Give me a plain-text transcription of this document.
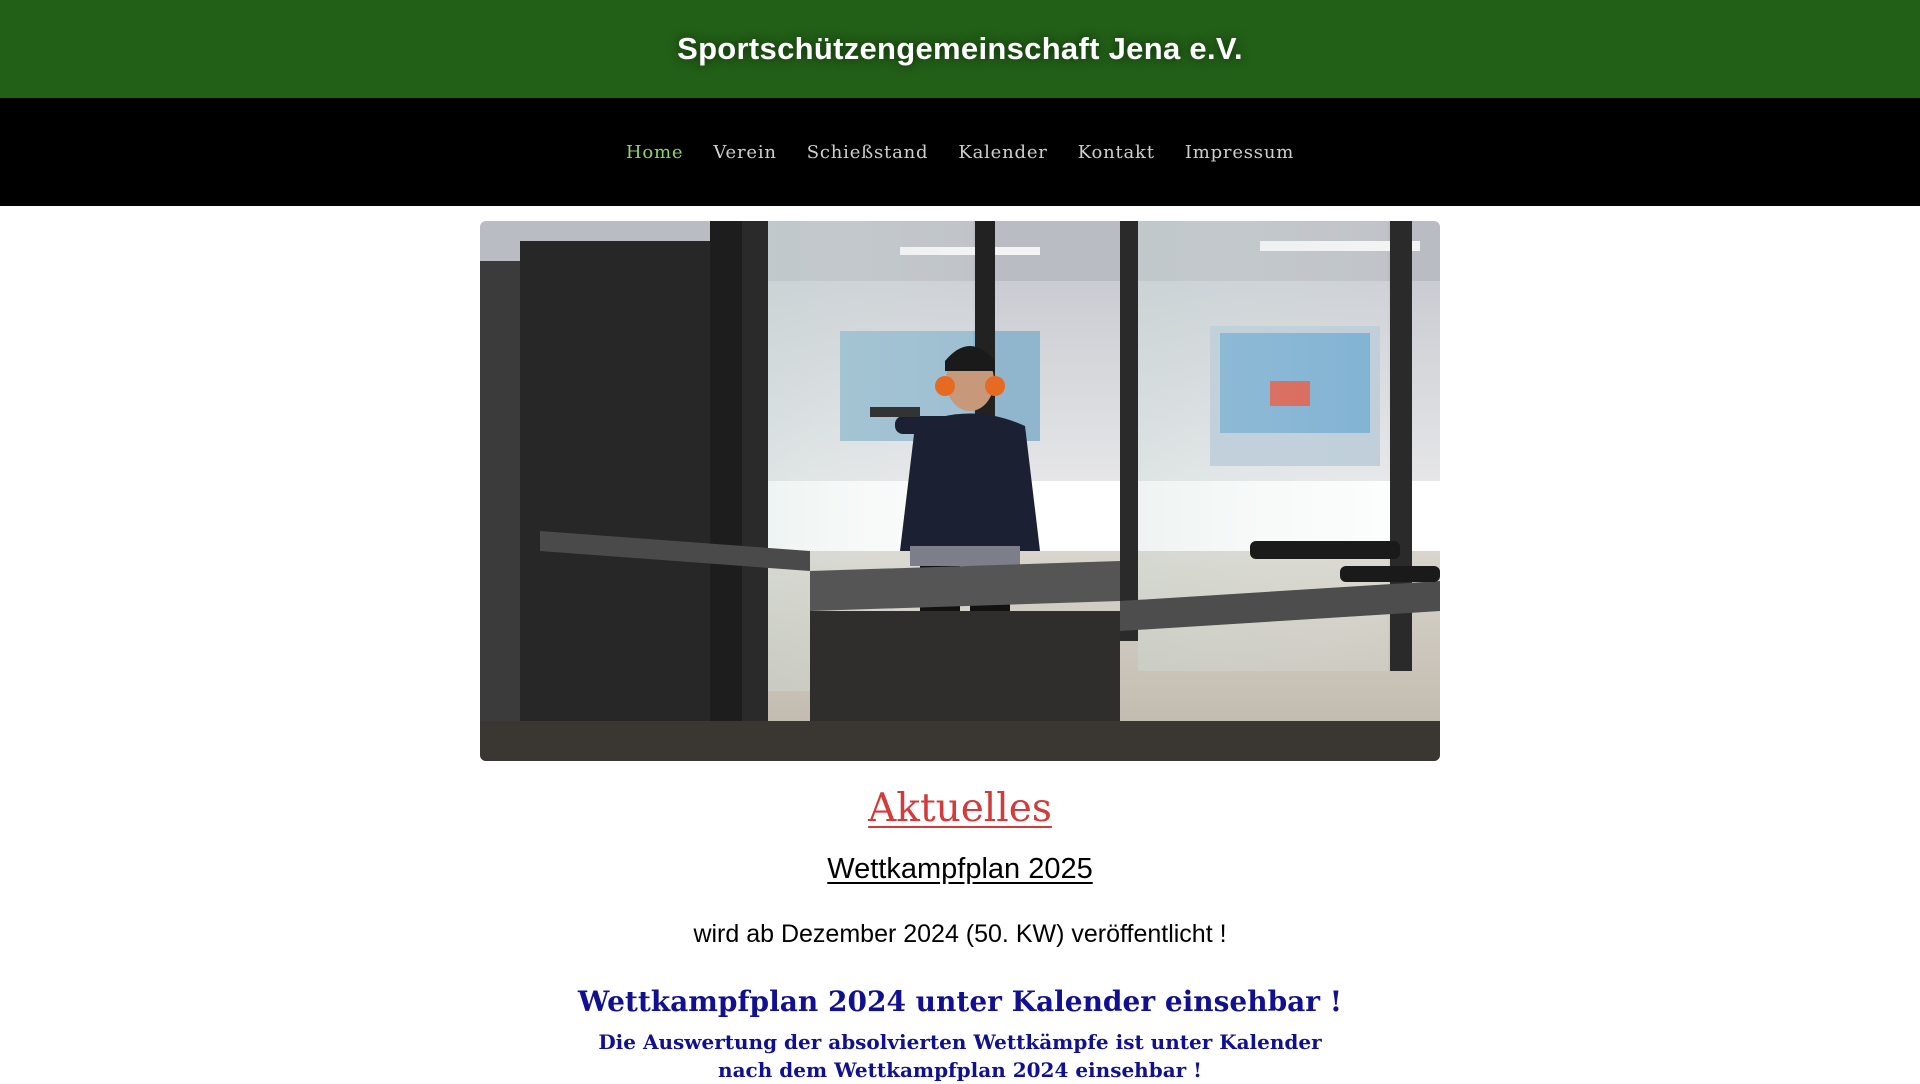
Sportschützengemeinschaft Jena e.V.
Home Verein Schießstand Kalender Kontakt Impressum
Aktuelles
Wettkampfplan 2025
wird ab Dezember 2024 (50. KW) veröffentlicht !
Wettkampfplan 2024 unter Kalender einsehbar !
Die Auswertung der absolvierten Wettkämpfe ist unter Kalender
nach dem Wettkampfplan 2024 einsehbar !
